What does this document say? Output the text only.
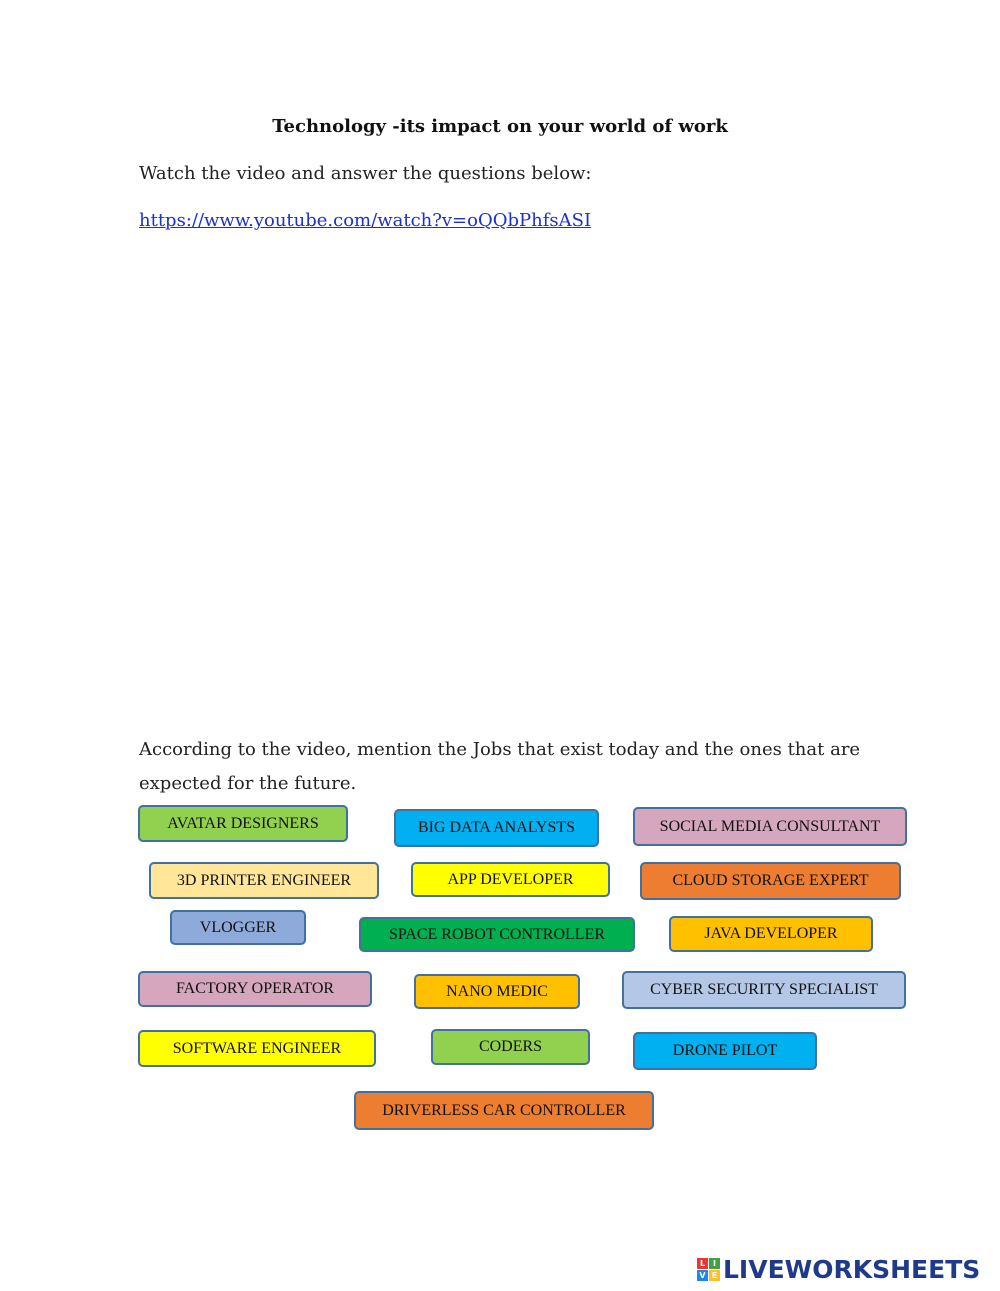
Technology -its impact on your world of work
Watch the video and answer the questions below:
https://www.youtube.com/watch?v=oQQbPhfsASI
According to the video, mention the Jobs that exist today and the ones that are expected for the future.
AVATAR DESIGNERS	BIG DATA ANALYSTS	SOCIAL MEDIA CONSULTANT
3D PRINTER ENGINEER	APP DEVELOPER	CLOUD STORAGE EXPERT
VLOGGER	SPACE ROBOT CONTROLLER	JAVA DEVELOPER
FACTORY OPERATOR	NANO MEDIC	CYBER SECURITY SPECIALIST
SOFTWARE ENGINEER	CODERS	DRONE PILOT
DRIVERLESS CAR CONTROLLER
L I
V E LIVEWORKSHEETS
